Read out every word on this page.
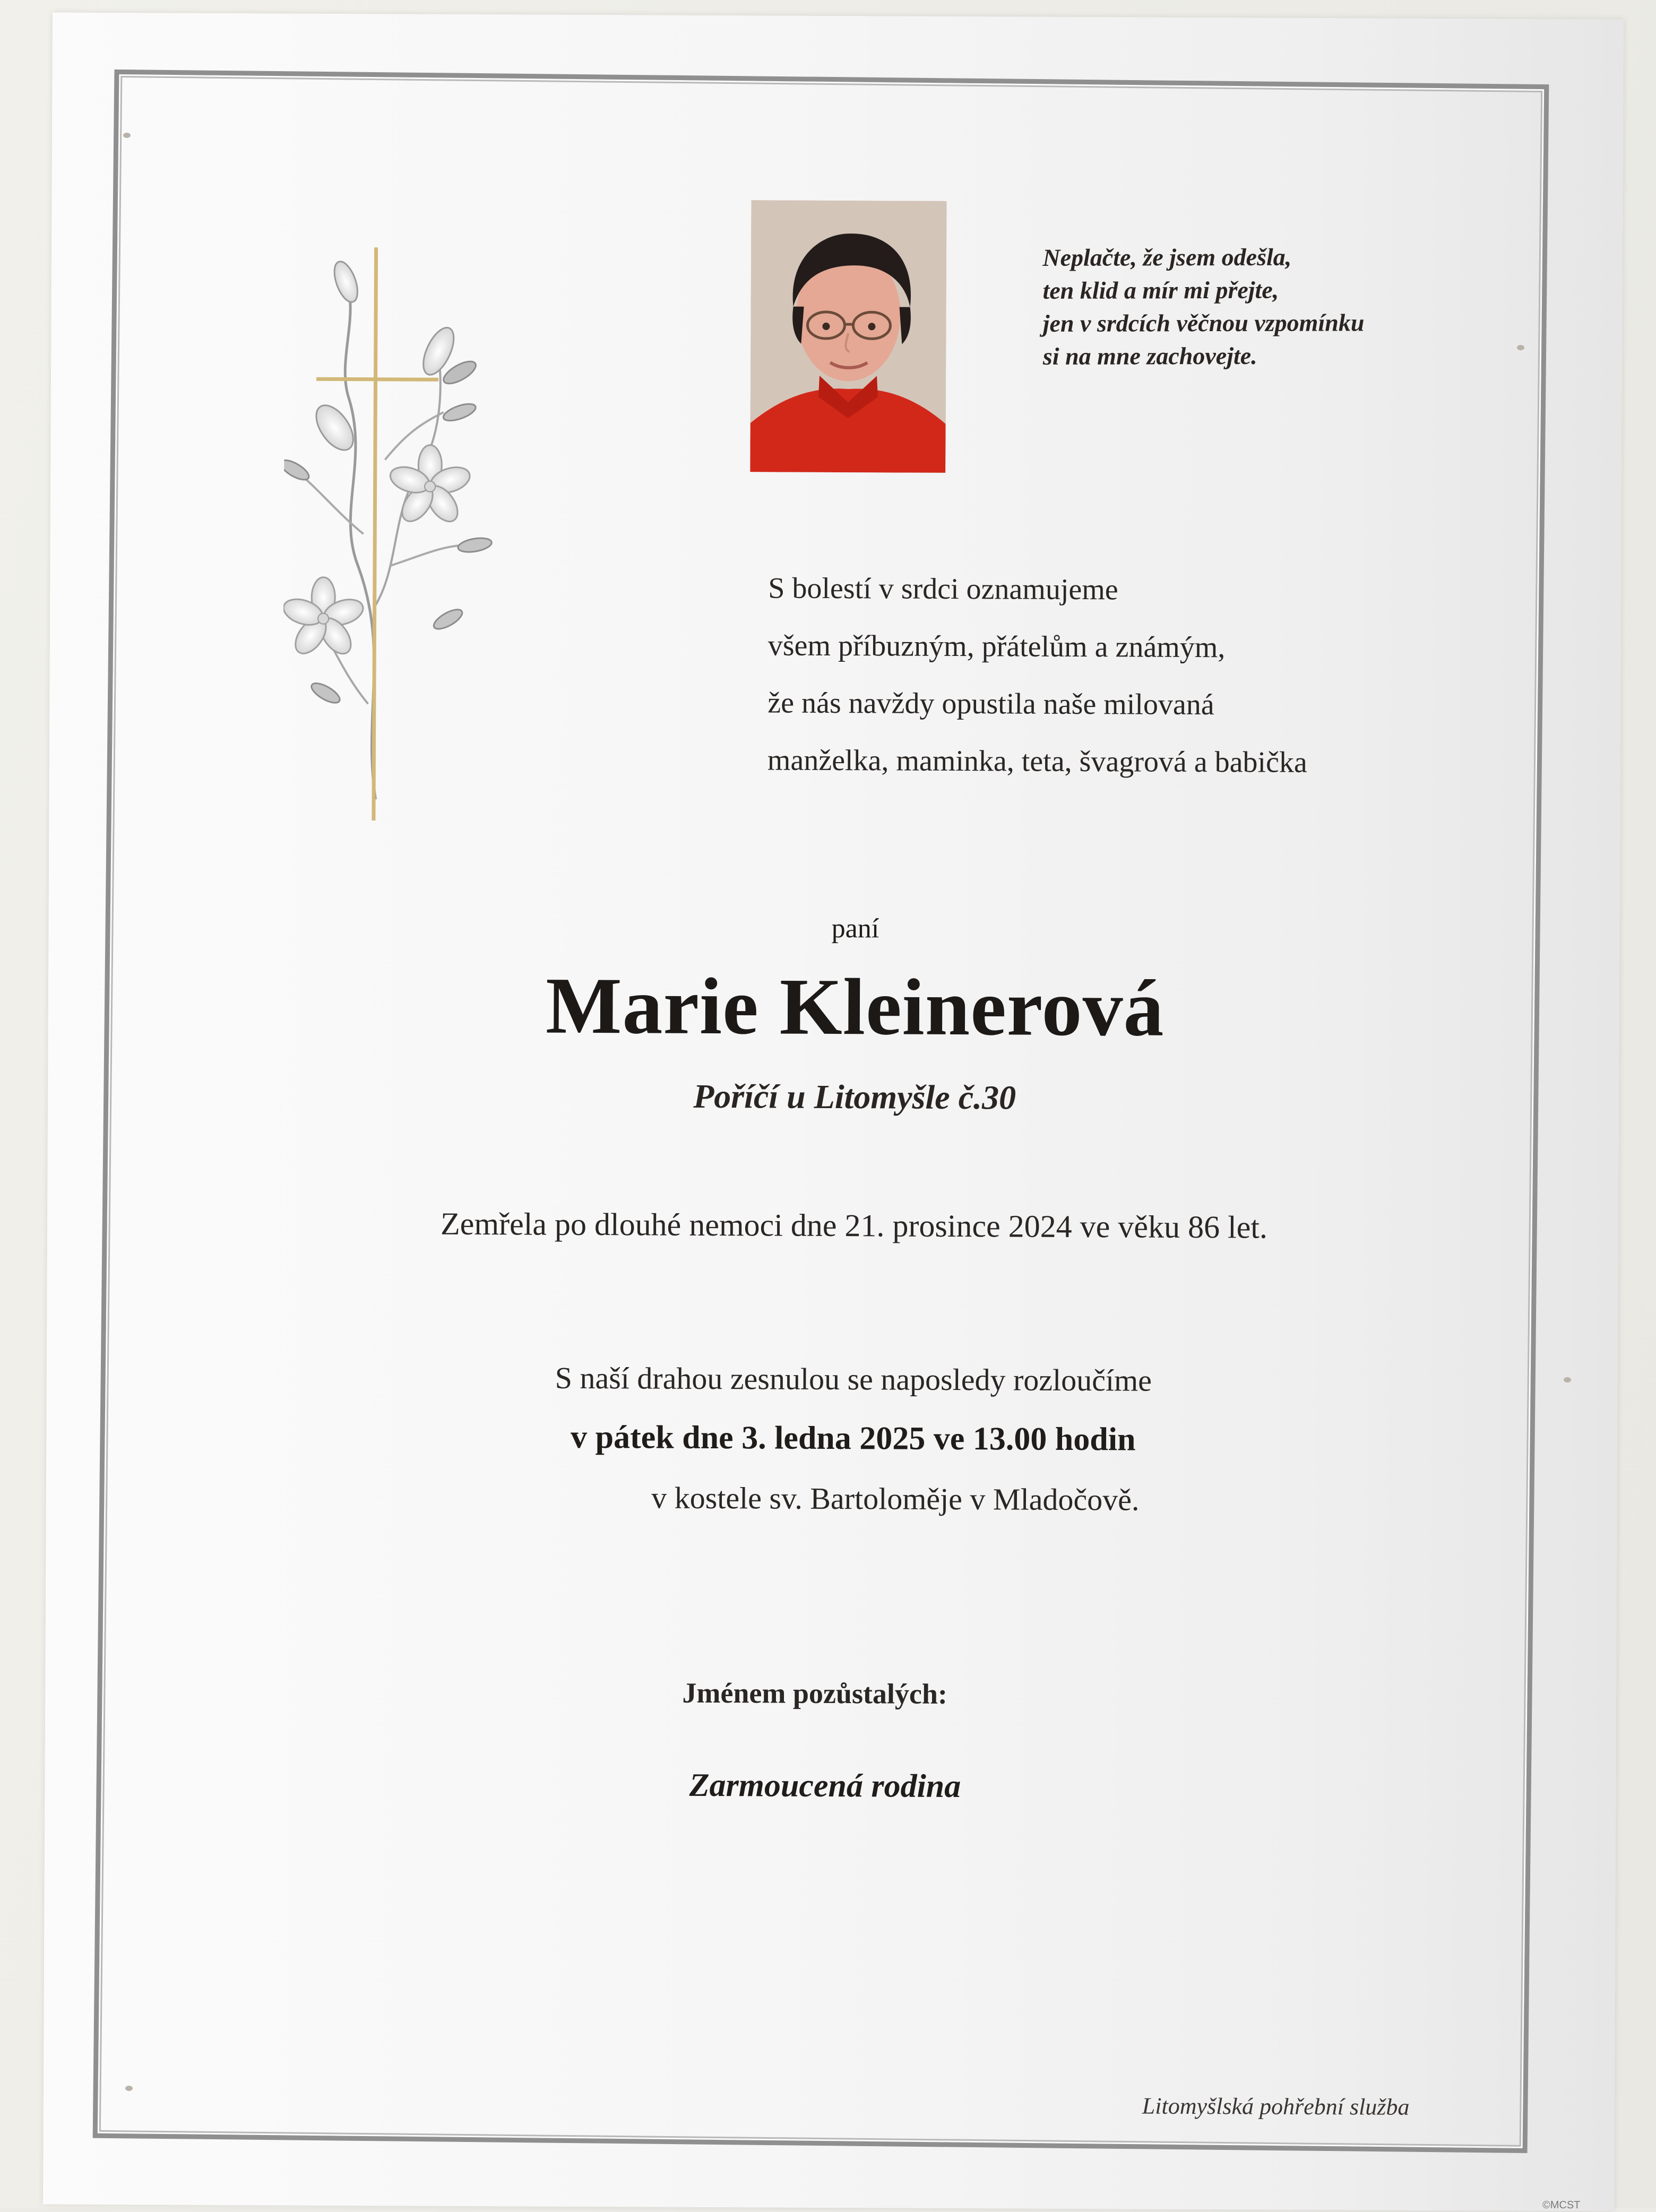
Neplačte, že jsem odešla,
ten klid a mír mi přejte,
jen v srdcích věčnou vzpomínku
si na mne zachovejte.
S bolestí v srdci oznamujeme
všem příbuzným, přátelům a známým,
že nás navždy opustila naše milovaná
manželka, maminka, teta, švagrová a babička
paní
Marie Kleinerová
Poříčí u Litomyšle č.30
Zemřela po dlouhé nemoci dne 21. prosince 2024 ve věku 86 let.
S naší drahou zesnulou se naposledy rozloučíme
v pátek dne 3. ledna 2025 ve 13.00 hodin
v kostele sv. Bartoloměje v Mladočově.
Jménem pozůstalých:
Zarmoucená rodina
Litomyšlská pohřební služba
©MCST
